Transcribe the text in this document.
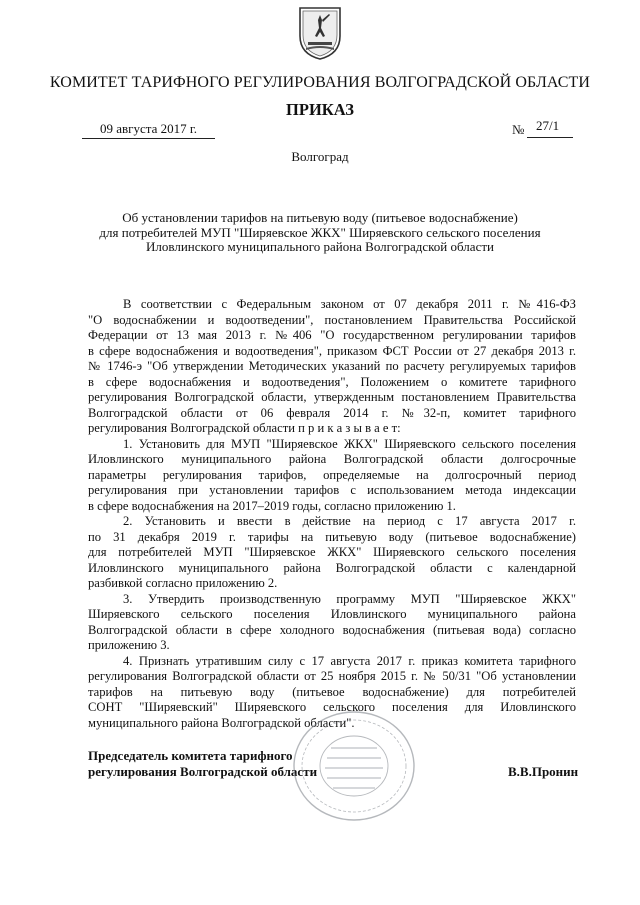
КОМИТЕТ ТАРИФНОГО РЕГУЛИРОВАНИЯ ВОЛГОГРАДСКОЙ ОБЛАСТИ
ПРИКАЗ
09 августа 2017 г.	№ 27/1
Волгоград
Об установлении тарифов на питьевую воду (питьевое водоснабжение)
для потребителей МУП "Ширяевское ЖКХ" Ширяевского сельского поселения
Иловлинского муниципального района Волгоградской области
В соответствии с Федеральным законом от 07 декабря 2011 г. №416-ФЗ
"О водоснабжении и водоотведении", постановлением Правительства Российской
Федерации от 13 мая 2013 г. №406 "О государственном регулировании тарифов
в сфере водоснабжения и водоотведения", приказом ФСТ России от 27 декабря 2013 г.
№ 1746-э "Об утверждении Методических указаний по расчету регулируемых тарифов
в сфере водоснабжения и водоотведения", Положением о комитете тарифного
регулирования Волгоградской области, утвержденным постановлением Правительства
Волгоградской области от 06 февраля 2014 г. №32-п, комитет тарифного
регулирования Волгоградской области п р и к а з ы в а е т:
1. Установить для МУП "Ширяевское ЖКХ" Ширяевского сельского поселения
Иловлинского муниципального района Волгоградской области долгосрочные
параметры регулирования тарифов, определяемые на долгосрочный период
регулирования при установлении тарифов с использованием метода индексации
в сфере водоснабжения на 2017–2019 годы, согласно приложению 1.
2. Установить и ввести в действие на период с 17 августа 2017 г.
по 31 декабря 2019 г. тарифы на питьевую воду (питьевое водоснабжение)
для потребителей МУП "Ширяевское ЖКХ" Ширяевского сельского поселения
Иловлинского муниципального района Волгоградской области с календарной
разбивкой согласно приложению 2.
3. Утвердить производственную программу МУП "Ширяевское ЖКХ"
Ширяевского сельского поселения Иловлинского муниципального района
Волгоградской области в сфере холодного водоснабжения (питьевая вода) согласно
приложению 3.
4. Признать утратившим силу с 17 августа 2017 г. приказ комитета тарифного
регулирования Волгоградской области от 25 ноября 2015 г. № 50/31 "Об установлении
тарифов на питьевую воду (питьевое водоснабжение) для потребителей
СОНТ "Ширяевский" Ширяевского сельского поселения для Иловлинского
муниципального района Волгоградской области".
Председатель комитета тарифного
регулирования Волгоградской области	В.В.Пронин
